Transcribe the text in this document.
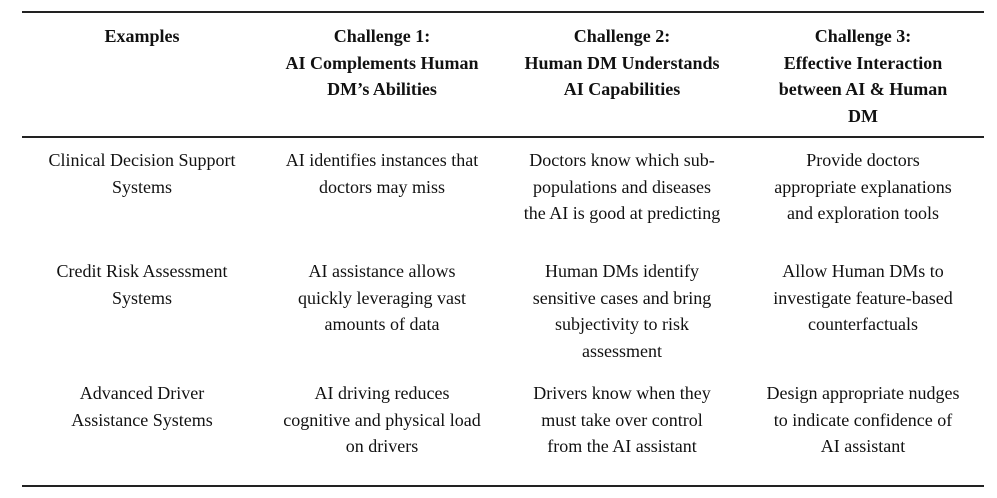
Examples	Challenge 1:
AI Complements Human
DM’s Abilities
Challenge 2:
Human DM Understands
AI Capabilities
Challenge 3:
Effective Interaction
between AI & Human
DM
Clinical Decision Support
Systems
AI identifies instances that
doctors may miss
Doctors know which sub-
populations and diseases
the AI is good at predicting
Provide doctors
appropriate explanations
and exploration tools
Credit Risk Assessment
Systems
AI assistance allows
quickly leveraging vast
amounts of data
Human DMs identify
sensitive cases and bring
subjectivity to risk
assessment
Allow Human DMs to
investigate feature-based
counterfactuals
Advanced Driver
Assistance Systems
AI driving reduces
cognitive and physical load
on drivers
Drivers know when they
must take over control
from the AI assistant
Design appropriate nudges
to indicate confidence of
AI assistant
